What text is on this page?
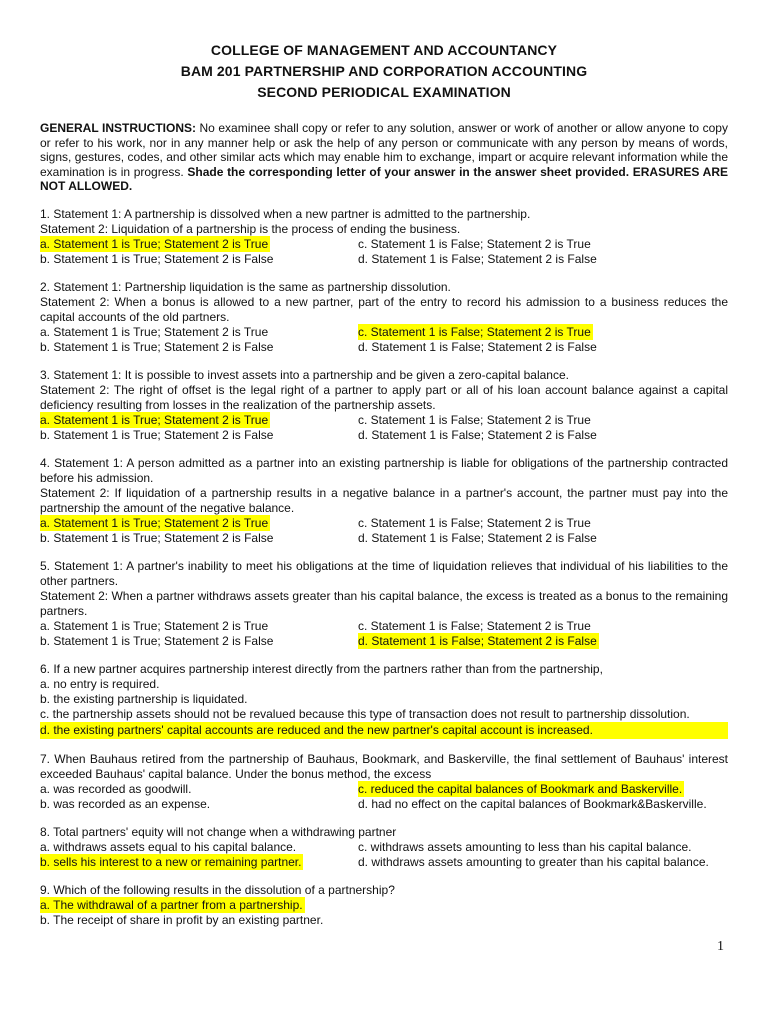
COLLEGE OF MANAGEMENT AND ACCOUNTANCY
BAM 201 PARTNERSHIP AND CORPORATION ACCOUNTING
SECOND PERIODICAL EXAMINATION
GENERAL INSTRUCTIONS: No examinee shall copy or refer to any solution, answer or work of another or allow anyone to copy or refer to his work, nor in any manner help or ask the help of any person or communicate with any person by means of words, signs, gestures, codes, and other similar acts which may enable him to exchange, impart or acquire relevant information while the examination is in progress. Shade the corresponding letter of your answer in the answer sheet provided. ERASURES ARE NOT ALLOWED.
1. Statement 1: A partnership is dissolved when a new partner is admitted to the partnership.
Statement 2: Liquidation of a partnership is the process of ending the business.
a. Statement 1 is True; Statement 2 is True
b. Statement 1 is True; Statement 2 is False
c. Statement 1 is False; Statement 2 is True
d. Statement 1 is False; Statement 2 is False
2. Statement 1: Partnership liquidation is the same as partnership dissolution.
Statement 2: When a bonus is allowed to a new partner, part of the entry to record his admission to a business reduces the capital accounts of the old partners.
a. Statement 1 is True; Statement 2 is True
b. Statement 1 is True; Statement 2 is False
c. Statement 1 is False; Statement 2 is True
d. Statement 1 is False; Statement 2 is False
3. Statement 1: It is possible to invest assets into a partnership and be given a zero-capital balance.
Statement 2: The right of offset is the legal right of a partner to apply part or all of his loan account balance against a capital deficiency resulting from losses in the realization of the partnership assets.
a. Statement 1 is True; Statement 2 is True
b. Statement 1 is True; Statement 2 is False
c. Statement 1 is False; Statement 2 is True
d. Statement 1 is False; Statement 2 is False
4. Statement 1: A person admitted as a partner into an existing partnership is liable for obligations of the partnership contracted before his admission.
Statement 2: If liquidation of a partnership results in a negative balance in a partner's account, the partner must pay into the partnership the amount of the negative balance.
a. Statement 1 is True; Statement 2 is True
b. Statement 1 is True; Statement 2 is False
c. Statement 1 is False; Statement 2 is True
d. Statement 1 is False; Statement 2 is False
5. Statement 1: A partner's inability to meet his obligations at the time of liquidation relieves that individual of his liabilities to the other partners.
Statement 2: When a partner withdraws assets greater than his capital balance, the excess is treated as a bonus to the remaining partners.
a. Statement 1 is True; Statement 2 is True
b. Statement 1 is True; Statement 2 is False
c. Statement 1 is False; Statement 2 is True
d. Statement 1 is False; Statement 2 is False
6. If a new partner acquires partnership interest directly from the partners rather than from the partnership,
a. no entry is required.
b. the existing partnership is liquidated.
c. the partnership assets should not be revalued because this type of transaction does not result to partnership dissolution.
d. the existing partners' capital accounts are reduced and the new partner's capital account is increased.
7. When Bauhaus retired from the partnership of Bauhaus, Bookmark, and Baskerville, the final settlement of Bauhaus' interest exceeded Bauhaus' capital balance. Under the bonus method, the excess
a. was recorded as goodwill.
b. was recorded as an expense.
c. reduced the capital balances of Bookmark and Baskerville.
d. had no effect on the capital balances of Bookmark&Baskerville.
8. Total partners' equity will not change when a withdrawing partner
a. withdraws assets equal to his capital balance.
b. sells his interest to a new or remaining partner.
c. withdraws assets amounting to less than his capital balance.
d. withdraws assets amounting to greater than his capital balance.
9. Which of the following results in the dissolution of a partnership?
a. The withdrawal of a partner from a partnership.
b. The receipt of share in profit by an existing partner.
1
